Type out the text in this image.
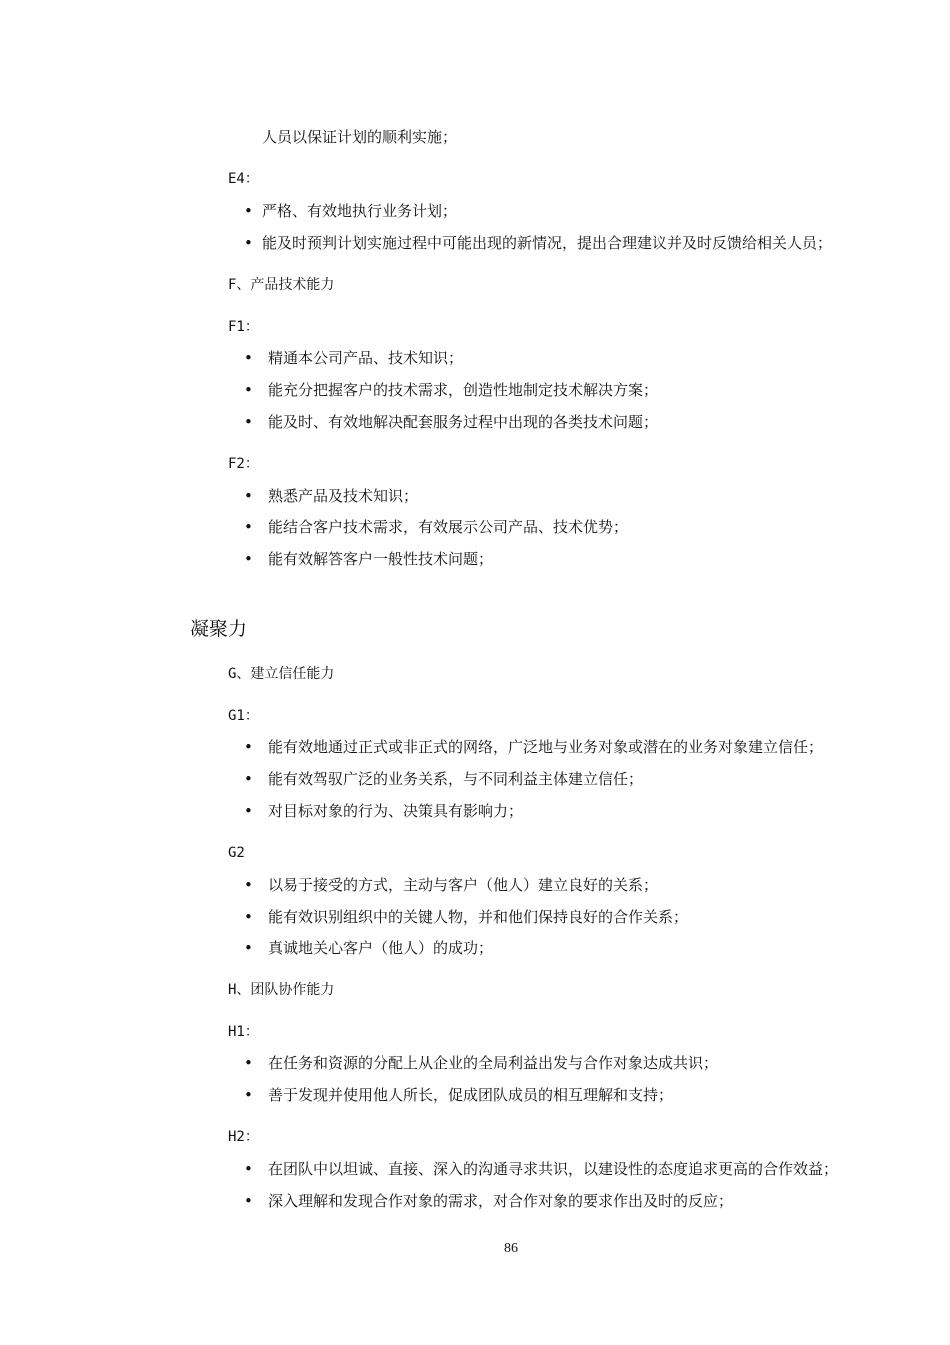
人员以保证计划的顺利实施；
E4：
• 严格、有效地执行业务计划；
• 能及时预判计划实施过程中可能出现的新情况，提出合理建议并及时反馈给相关人员；
F、产品技术能力
F1：
• 精通本公司产品、技术知识；
• 能充分把握客户的技术需求，创造性地制定技术解决方案；
• 能及时、有效地解决配套服务过程中出现的各类技术问题；
F2：
• 熟悉产品及技术知识；
• 能结合客户技术需求，有效展示公司产品、技术优势；
• 能有效解答客户一般性技术问题；
凝聚力
G、建立信任能力
G1：
• 能有效地通过正式或非正式的网络，广泛地与业务对象或潜在的业务对象建立信任；
• 能有效驾驭广泛的业务关系，与不同利益主体建立信任；
• 对目标对象的行为、决策具有影响力；
G2
• 以易于接受的方式，主动与客户（他人）建立良好的关系；
• 能有效识别组织中的关键人物，并和他们保持良好的合作关系；
• 真诚地关心客户（他人）的成功；
H、团队协作能力
H1：
• 在任务和资源的分配上从企业的全局利益出发与合作对象达成共识；
• 善于发现并使用他人所长，促成团队成员的相互理解和支持；
H2：
• 在团队中以坦诚、直接、深入的沟通寻求共识，以建设性的态度追求更高的合作效益；
• 深入理解和发现合作对象的需求，对合作对象的要求作出及时的反应；
86
